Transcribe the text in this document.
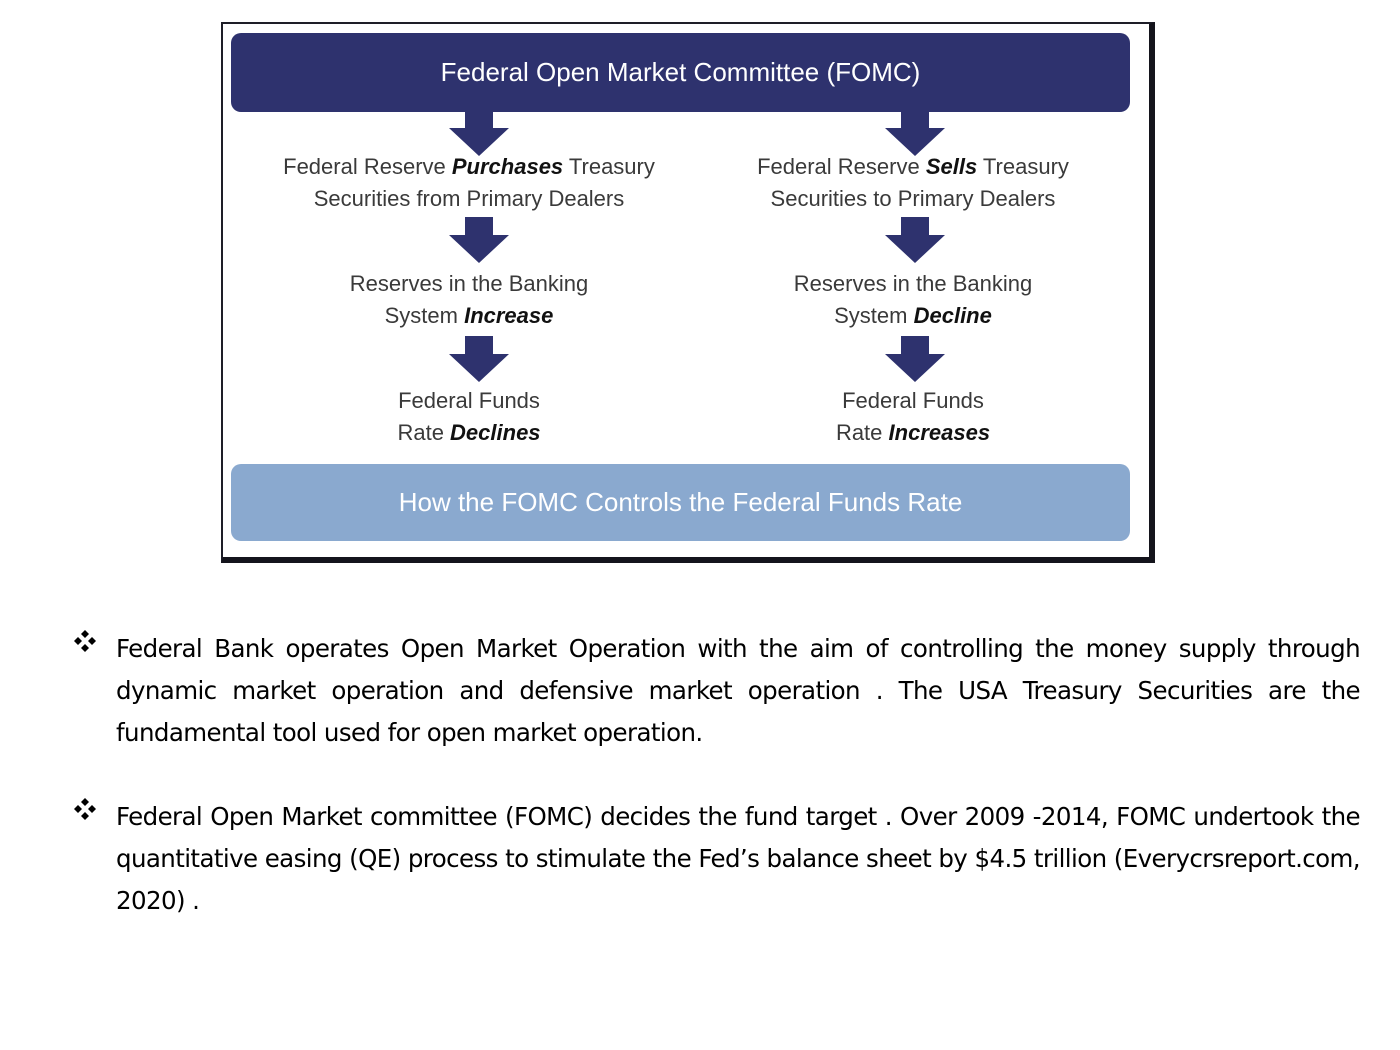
Federal Open Market Committee (FOMC)
Federal Reserve Purchases Treasury
Securities from Primary Dealers
Reserves in the Banking
System Increase
Federal Funds
Rate Declines
Federal Reserve Sells Treasury
Securities to Primary Dealers
Reserves in the Banking
System Decline
Federal Funds
Rate Increases
How the FOMC Controls the Federal Funds Rate
Federal Bank operates Open Market Operation with the aim of controlling the money supply through dynamic market operation and defensive market operation . The USA Treasury Securities are the fundamental tool used for open market operation.
Federal Open Market committee (FOMC) decides the fund target . Over 2009 -2014, FOMC undertook the quantitative easing (QE) process to stimulate the Fed’s balance sheet by $4.5 trillion (Everycrsreport.com, 2020) .
